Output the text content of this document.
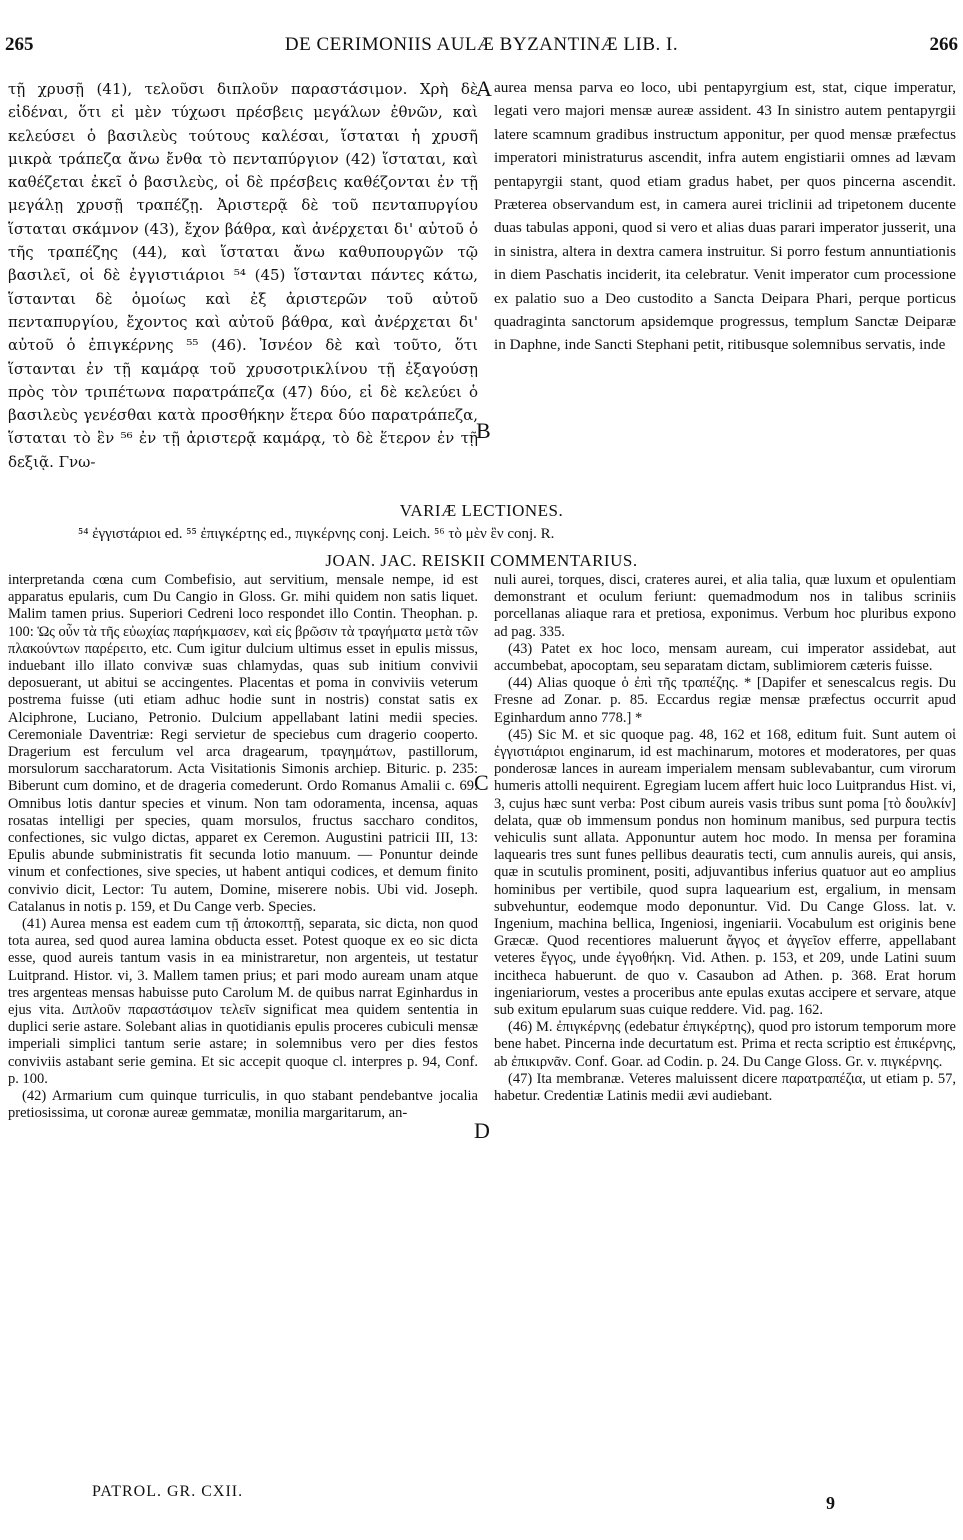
265	DE CERIMONIIS AULÆ BYZANTINÆ LIB. I.	266
τῇ χρυσῇ (41), τελοῦσι διπλοῦν παραστάσιμον. Χρὴ δὲ εἰδέναι, ὅτι εἰ μὲν τύχωσι πρέσβεις μεγάλων ἐθνῶν, καὶ κελεύσει ὁ βασιλεὺς τούτους καλέσαι, ἵσταται ἡ χρυσῆ μικρὰ τράπεζα ἄνω ἔνθα τὸ πενταπύργιον (42) ἵσταται, καὶ καθέζεται ἐκεῖ ὁ βασιλεὺς, οἱ δὲ πρέσβεις καθέζονται ἐν τῇ μεγάλῃ χρυσῇ τραπέζῃ. Ἀριστερᾷ δὲ τοῦ πενταπυργίου ἵσταται σκάμνον (43), ἔχον βάθρα, καὶ ἀνέρχεται δι' αὐτοῦ ὁ τῆς τραπέζης (44), καὶ ἵσταται ἄνω καθυπουργῶν τῷ βασιλεῖ, οἱ δὲ ἐγγιστιάριοι ⁵⁴ (45) ἵστανται πάντες κάτω, ἵστανται δὲ ὁμοίως καὶ ἐξ ἀριστερῶν τοῦ αὐτοῦ πενταπυργίου, ἔχοντος καὶ αὐτοῦ βάθρα, καὶ ἀνέρχεται δι' αὐτοῦ ὁ ἐπιγκέρνης ⁵⁵ (46). Ἰσνέον δὲ καὶ τοῦτο, ὅτι ἵστανται ἐν τῇ καμάρᾳ τοῦ χρυσοτρικλίνου τῇ ἐξαγούσῃ πρὸς τὸν τριπέτωνα παρατράπεζα (47) δύο, εἰ δὲ κελεύει ὁ βασιλεὺς γενέσθαι κατὰ προσθήκην ἕτερα δύο παρατράπεζα, ἵσταται τὸ ἓν ⁵⁶ ἐν τῇ ἀριστερᾷ καμάρᾳ, τὸ δὲ ἕτερον ἐν τῇ δεξιᾷ. Γνω-
aurea mensa parva eo loco, ubi pentapyrgium est, stat, cique imperatur, legati vero majori mensæ aureæ assident. 43 In sinistro autem pentapyrgii latere scamnum gradibus instructum apponitur, per quod mensæ præfectus imperatori ministraturus ascendit, infra autem engistiarii omnes ad lævam pentapyrgii stant, quod etiam gradus habet, per quos pincerna ascendit. Præterea observandum est, in camera aurei triclinii ad tripetonem ducente duas tabulas apponi, quod si vero et alias duas parari imperator jusserit, una in sinistra, altera in dextra camera instruitur. Si porro festum annuntiationis in diem Paschatis inciderit, ita celebratur. Venit imperator cum processione ex palatio suo a Deo custodito a Sancta Deipara Phari, perque porticus quadraginta sanctorum apsidemque progressus, templum Sanctæ Deiparæ in Daphne, inde Sancti Stephani petit, ritibusque solemnibus servatis, inde
A
B
C
D
VARIÆ LECTIONES.
⁵⁴ ἐγγιστάριοι ed. ⁵⁵ ἐπιγκέρτης ed., πιγκέρνης conj. Leich. ⁵⁶ τὸ μὲν ἓν conj. R.
JOAN. JAC. REISKII COMMENTARIUS.

interpretanda cœna cum Combefisio, aut servitium, mensale nempe, id est apparatus epularis, cum Du Cangio in Gloss. Gr. mihi quidem non satis liquet. Malim tamen prius. Superiori Cedreni loco respondet illo Contin. Theophan. p. 100: Ὡς οὖν τὰ τῆς εὐωχίας παρήκμασεν, καὶ εἰς βρῶσιν τὰ τραγήματα μετὰ τῶν πλακούντων παρέρειτο, etc. Cum igitur dulcium ultimus esset in epulis missus, induebant illo illato convivæ suas chlamydas, quas sub initium convivii deposuerant, ut abitui se accingentes. Placentas et poma in conviviis veterum postrema fuisse (uti etiam adhuc hodie sunt in nostris) constat satis ex Alciphrone, Luciano, Petronio. Dulcium appellabant latini medii species. Ceremoniale Daventriæ: Regi servietur de speciebus cum dragerio cooperto. Dragerium est ferculum vel arca dragearum, τραγημάτων, pastillorum, morsulorum saccharatorum. Acta Visitationis Simonis archiep. Bituric. p. 235: Biberunt cum domino, et de drageria comederunt. Ordo Romanus Amalii c. 69: Omnibus lotis dantur species et vinum. Non tam odoramenta, incensa, aquas rosatas intelligi per species, quam morsulos, fructus saccharo conditos, confectiones, sic vulgo dictas, apparet ex Ceremon. Augustini patricii III, 13: Epulis abunde subministratis fit secunda lotio manuum. — Ponuntur deinde vinum et confectiones, sive species, ut habent antiqui codices, et demum finito convivio dicit, Lector: Tu autem, Domine, miserere nobis. Ubi vid. Joseph. Catalanus in notis p. 159, et Du Cange verb. Species.

(41) Aurea mensa est eadem cum τῇ ἀποκοπτῇ, separata, sic dicta, non quod tota aurea, sed quod aurea lamina obducta esset. Potest quoque ex eo sic dicta esse, quod aureis tantum vasis in ea ministraretur, non argenteis, ut testatur Luitprand. Histor. vi, 3. Mallem tamen prius; et pari modo auream unam atque tres argenteas mensas habuisse puto Carolum M. de quibus narrat Eginhardus in ejus vita. Διπλοῦν παραστάσιμον τελεῖν significat mea quidem sententia in duplici serie astare. Solebant alias in quotidianis epulis proceres cubiculi mensæ imperiali simplici tantum serie astare; in solemnibus vero per dies festos conviviis astabant serie gemina. Et sic accepit quoque cl. interpres p. 94, Conf. p. 100.

(42) Armarium cum quinque turriculis, in quo stabant pendebantve jocalia pretiosissima, ut coronæ aureæ gemmatæ, monilia margaritarum, an-

nuli aurei, torques, disci, crateres aurei, et alia talia, quæ luxum et opulentiam demonstrant et oculum feriunt: quemadmodum nos in talibus scriniis porcellanas aliaque rara et pretiosa, exponimus. Verbum hoc pluribus expono ad pag. 335.

(43) Patet ex hoc loco, mensam auream, cui imperator assidebat, aut accumbebat, apocoptam, seu separatam dictam, sublimiorem cæteris fuisse.

(44) Alias quoque ὁ ἐπὶ τῆς τραπέζης. * [Dapifer et senescalcus regis. Du Fresne ad Zonar. p. 85. Eccardus regiæ mensæ præfectus occurrit apud Eginhardum anno 778.] *

(45) Sic M. et sic quoque pag. 48, 162 et 168, editum fuit. Sunt autem οἱ ἐγγιστιάριοι enginarum, id est machinarum, motores et moderatores, per quas ponderosæ lances in auream imperialem mensam sublevabantur, cum virorum humeris attolli nequirent. Egregiam lucem affert huic loco Luitprandus Hist. vi, 3, cujus hæc sunt verba: Post cibum aureis vasis tribus sunt poma [τὸ δουλκίν] delata, quæ ob immensum pondus non hominum manibus, sed purpura tectis vehiculis sunt allata. Apponuntur autem hoc modo. In mensa per foramina laquearis tres sunt funes pellibus deauratis tecti, cum annulis aureis, qui ansis, quæ in scutulis prominent, positi, adjuvantibus inferius quatuor aut eo amplius hominibus per vertibile, quod supra laquearium est, ergalium, in mensam subvehuntur, eodemque modo deponuntur. Vid. Du Cange Gloss. lat. v. Ingenium, machina bellica, Ingeniosi, ingeniarii. Vocabulum est originis bene Græcæ. Quod recentiores maluerunt ἄγγος et ἀγγεῖον efferre, appellabant veteres ἔγγος, unde ἐγγοθήκη. Vid. Athen. p. 153, et 209, unde Latini suum incitheca habuerunt. de quo v. Casaubon ad Athen. p. 368. Erat horum ingeniariorum, vestes a proceribus ante epulas exutas accipere et servare, atque sub exitum epularum suas cuique reddere. Vid. pag. 162.

(46) M. ἐπιγκέρνης (edebatur ἐπιγκέρτης), quod pro istorum temporum more bene habet. Pincerna inde decurtatum est. Prima et recta scriptio est ἐπικέρνης, ab ἐπικιρνᾶν. Conf. Goar. ad Codin. p. 24. Du Cange Gloss. Gr. v. πιγκέρνης.

(47) Ita membranæ. Veteres maluissent dicere παρατραπέζια, ut etiam p. 57, habetur. Credentiæ Latinis medii ævi audiebant.

PATROL. GR. CXII.
9
